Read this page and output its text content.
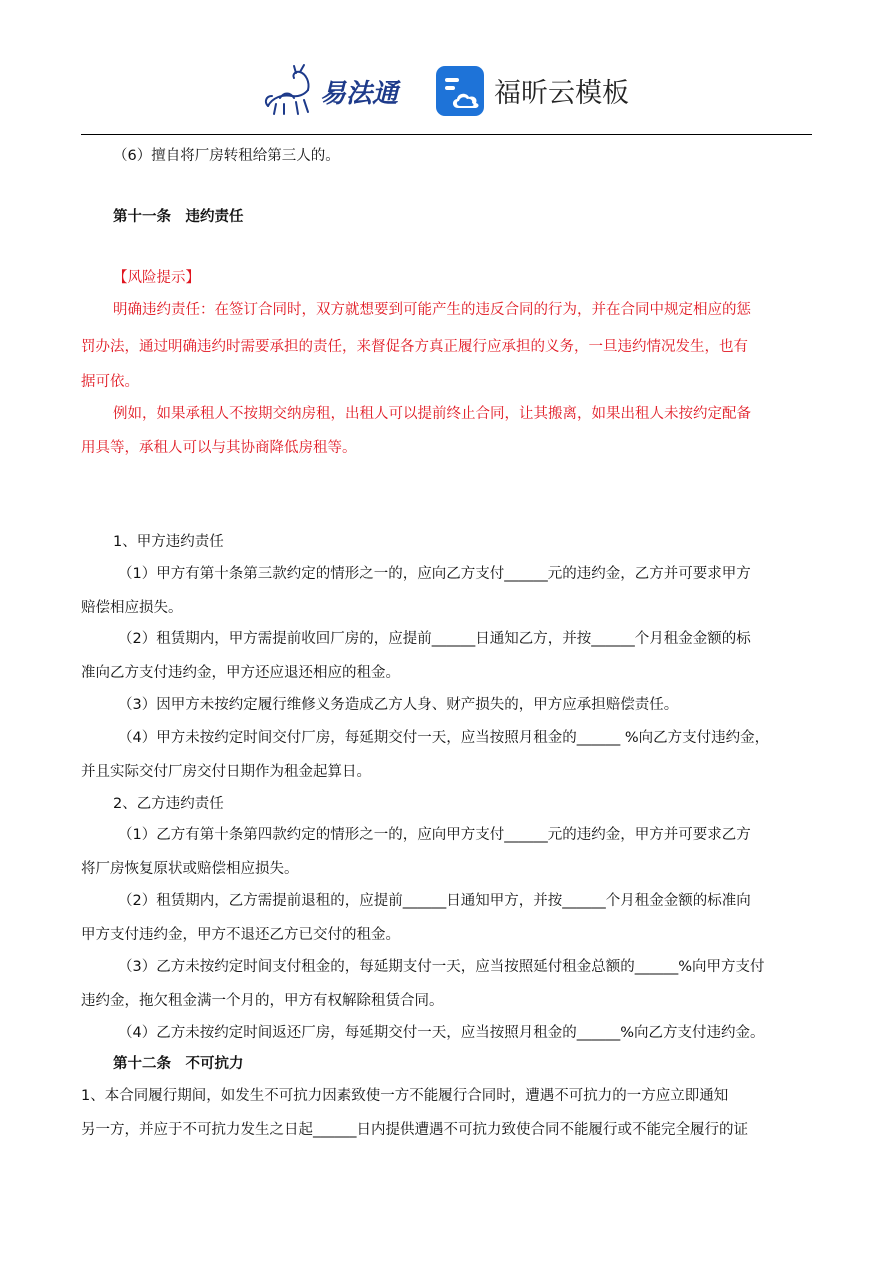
易法通	福昕云模板
（6）擅自将厂房转租给第三人的。
第十一条　违约责任
【风险提示】
明确违约责任：在签订合同时，双方就想要到可能产生的违反合同的行为，并在合同中规定相应的惩
罚办法，通过明确违约时需要承担的责任，来督促各方真正履行应承担的义务，一旦违约情况发生，也有
据可依。
例如，如果承租人不按期交纳房租，出租人可以提前终止合同，让其搬离，如果出租人未按约定配备
用具等，承租人可以与其协商降低房租等。
1、甲方违约责任
（1）甲方有第十条第三款约定的情形之一的，应向乙方支付______元的违约金，乙方并可要求甲方
赔偿相应损失。
（2）租赁期内，甲方需提前收回厂房的，应提前______日通知乙方，并按______个月租金金额的标
准向乙方支付违约金，甲方还应退还相应的租金。
（3）因甲方未按约定履行维修义务造成乙方人身、财产损失的，甲方应承担赔偿责任。
（4）甲方未按约定时间交付厂房，每延期交付一天，应当按照月租金的______ %向乙方支付违约金，
并且实际交付厂房交付日期作为租金起算日。
2、乙方违约责任
（1）乙方有第十条第四款约定的情形之一的，应向甲方支付______元的违约金，甲方并可要求乙方
将厂房恢复原状或赔偿相应损失。
（2）租赁期内，乙方需提前退租的，应提前______日通知甲方，并按______个月租金金额的标准向
甲方支付违约金，甲方不退还乙方已交付的租金。
（3）乙方未按约定时间支付租金的，每延期支付一天，应当按照延付租金总额的______%向甲方支付
违约金，拖欠租金满一个月的，甲方有权解除租赁合同。
（4）乙方未按约定时间返还厂房，每延期交付一天，应当按照月租金的______%向乙方支付违约金。
第十二条　不可抗力
1、本合同履行期间，如发生不可抗力因素致使一方不能履行合同时，遭遇不可抗力的一方应立即通知
另一方，并应于不可抗力发生之日起______日内提供遭遇不可抗力致使合同不能履行或不能完全履行的证
